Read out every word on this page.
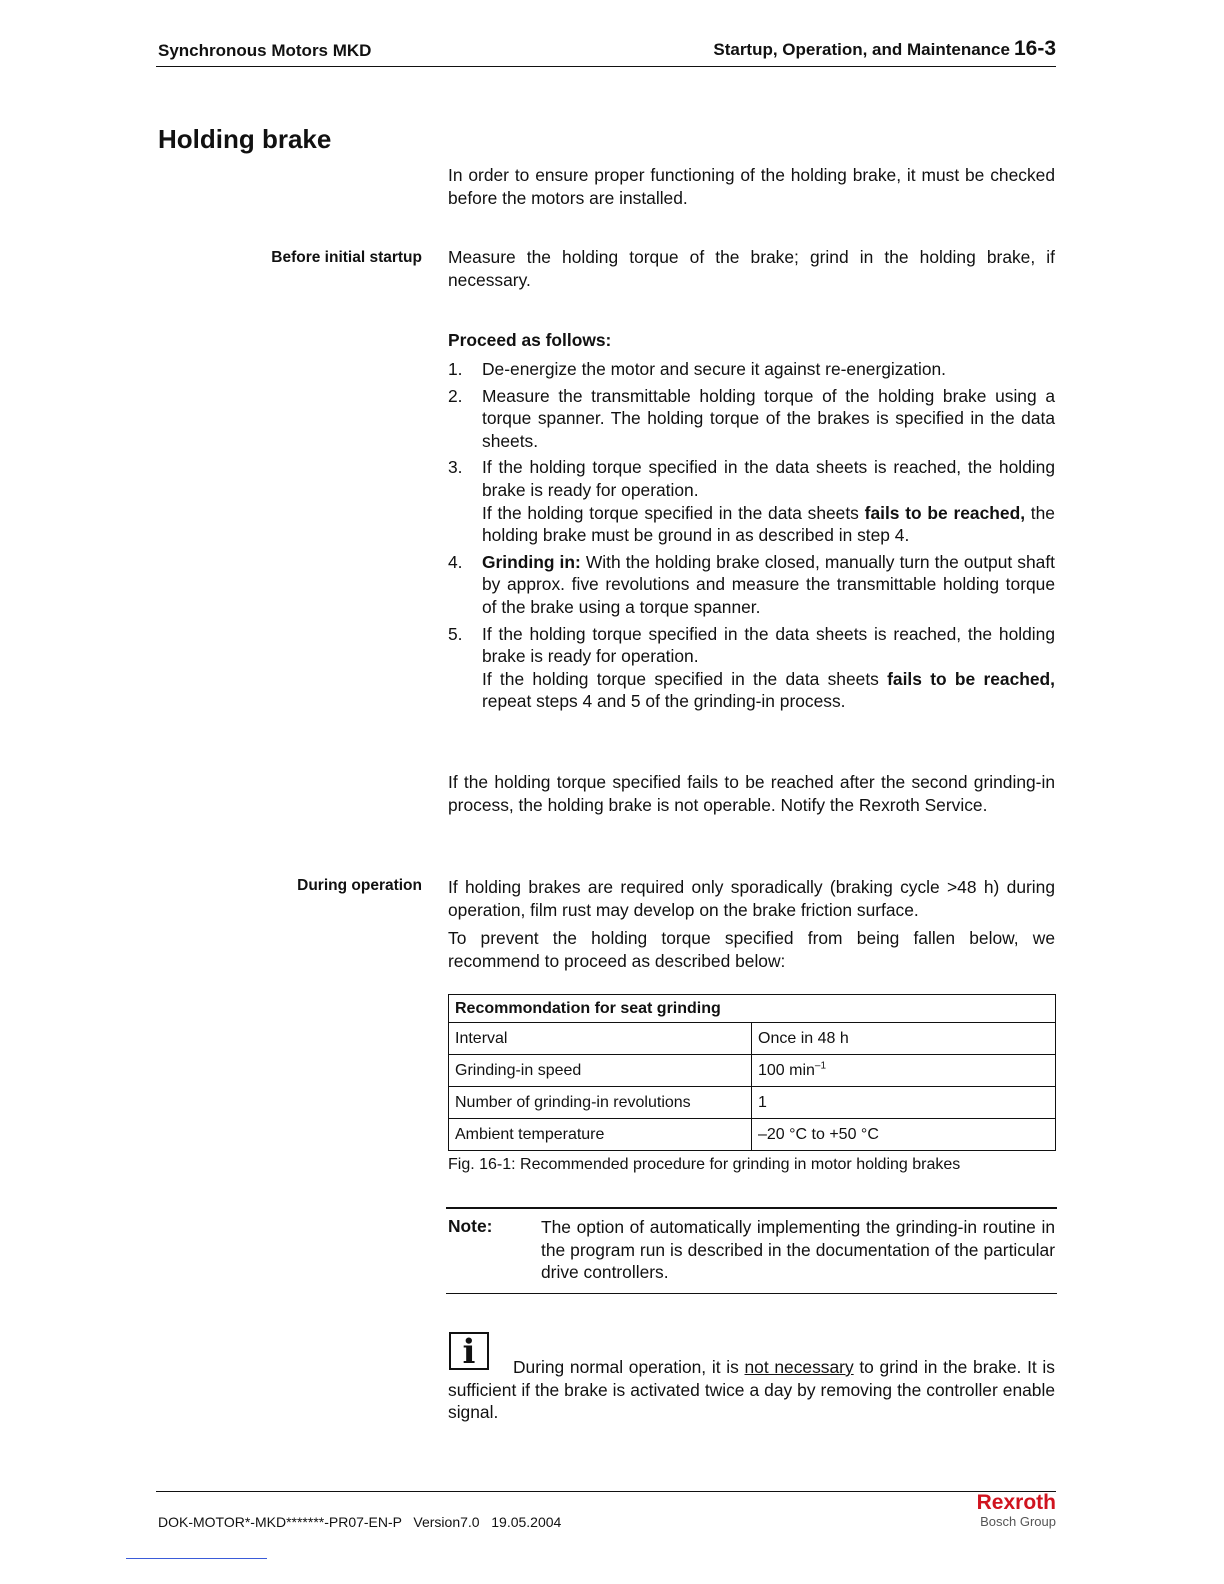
Synchronous Motors MKD	Startup, Operation, and Maintenance 16-3
Holding brake
In order to ensure proper functioning of the holding brake, it must be checked before the motors are installed.
Before initial startup Measure the holding torque of the brake; grind in the holding brake, if necessary.
Proceed as follows:
1.	De-energize the motor and secure it against re-energization.
2.	Measure the transmittable holding torque of the holding brake using a torque spanner. The holding torque of the brakes is specified in the data sheets.
3.	If the holding torque specified in the data sheets is reached, the holding brake is ready for operation.
If the holding torque specified in the data sheets fails to be reached, the holding brake must be ground in as described in step 4.
4.	Grinding in: With the holding brake closed, manually turn the output shaft by approx. five revolutions and measure the transmittable holding torque of the brake using a torque spanner.
5.	If the holding torque specified in the data sheets is reached, the holding brake is ready for operation.
If the holding torque specified in the data sheets fails to be reached, repeat steps 4 and 5 of the grinding-in process.
If the holding torque specified fails to be reached after the second grinding-in process, the holding brake is not operable. Notify the Rexroth Service.
During operation If holding brakes are required only sporadically (braking cycle >48 h) during operation, film rust may develop on the brake friction surface.
To prevent the holding torque specified from being fallen below, we recommend to proceed as described below:
Recommondation for seat grinding	
Interval	Once in 48 h
Grinding-in speed	100 $\min^{-1}$
Number of grinding-in revolutions	1
Ambient temperature	–20 °C to +50 °C
Fig. 16-1: Recommended procedure for grinding in motor holding brakes
Note:	The option of automatically implementing the grinding-in routine in the program run is described in the documentation of the particular drive controllers.
i	During normal operation, it is not necessary to grind in the brake. It is sufficient if the brake is activated twice a day by removing the controller enable signal.
DOK-MOTOR*-MKD*******-PR07-EN-P   Version7.0   19.05.2004
Rexroth
Bosch Group
